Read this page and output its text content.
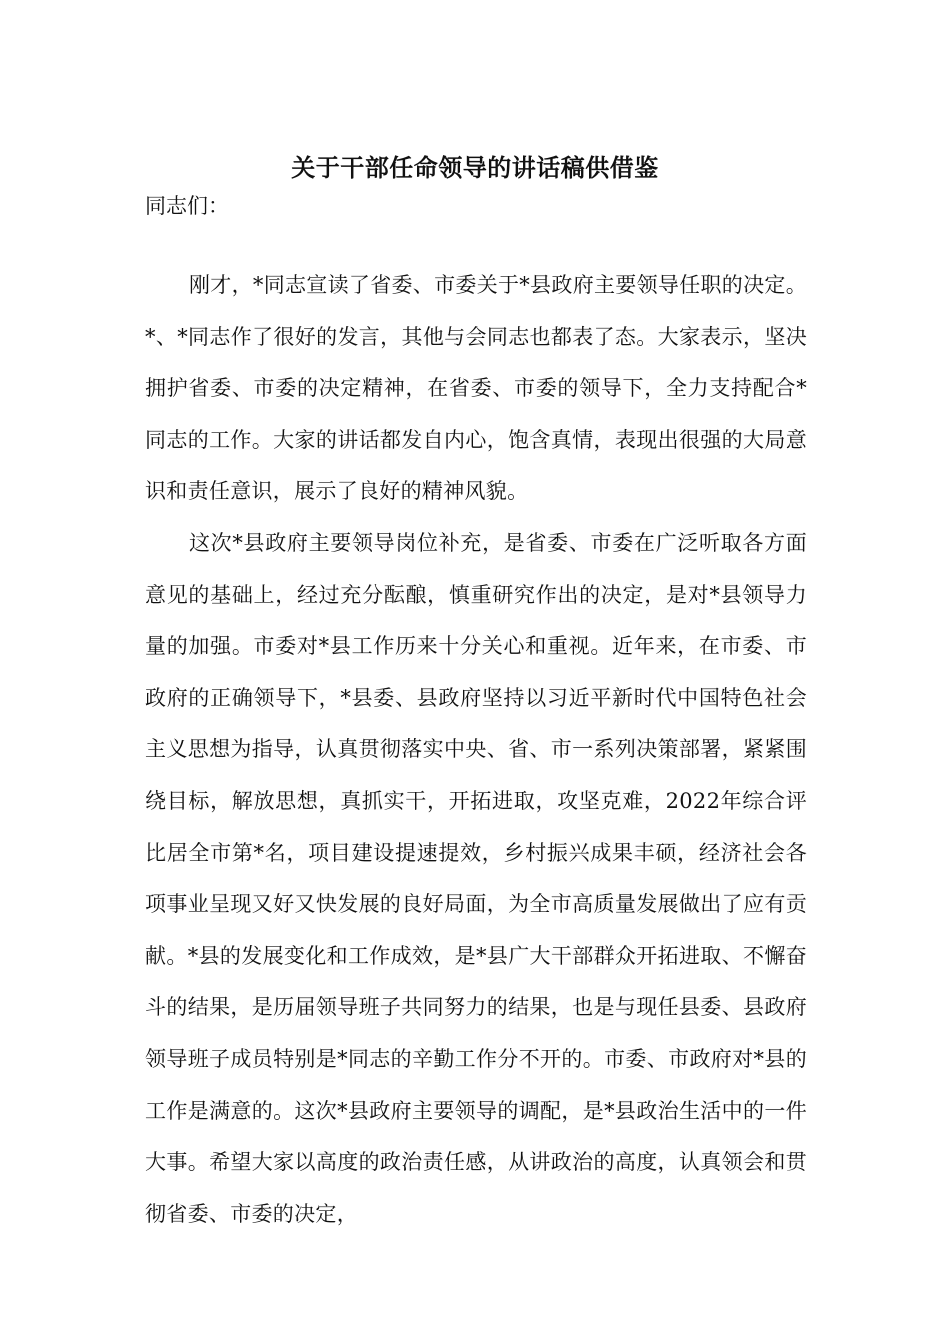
关于干部任命领导的讲话稿供借鉴

同志们：

刚才，*同志宣读了省委、市委关于*县政府主要领导任职的决定。*、*同志作了很好的发言，其他与会同志也都表了态。大家表示，坚决拥护省委、市委的决定精神，在省委、市委的领导下，全力支持配合*同志的工作。大家的讲话都发自内心，饱含真情，表现出很强的大局意识和责任意识，展示了良好的精神风貌。

这次*县政府主要领导岗位补充，是省委、市委在广泛听取各方面意见的基础上，经过充分酝酿，慎重研究作出的决定，是对*县领导力量的加强。市委对*县工作历来十分关心和重视。近年来，在市委、市政府的正确领导下，*县委、县政府坚持以习近平新时代中国特色社会主义思想为指导，认真贯彻落实中央、省、市一系列决策部署，紧紧围绕目标，解放思想，真抓实干，开拓进取，攻坚克难，2022年综合评比居全市第*名，项目建设提速提效，乡村振兴成果丰硕，经济社会各项事业呈现又好又快发展的良好局面，为全市高质量发展做出了应有贡献。*县的发展变化和工作成效，是*县广大干部群众开拓进取、不懈奋斗的结果，是历届领导班子共同努力的结果，也是与现任县委、县政府领导班子成员特别是*同志的辛勤工作分不开的。市委、市政府对*县的工作是满意的。这次*县政府主要领导的调配，是*县政治生活中的一件大事。希望大家以高度的政治责任感，从讲政治的高度，认真领会和贯彻省委、市委的决定，
